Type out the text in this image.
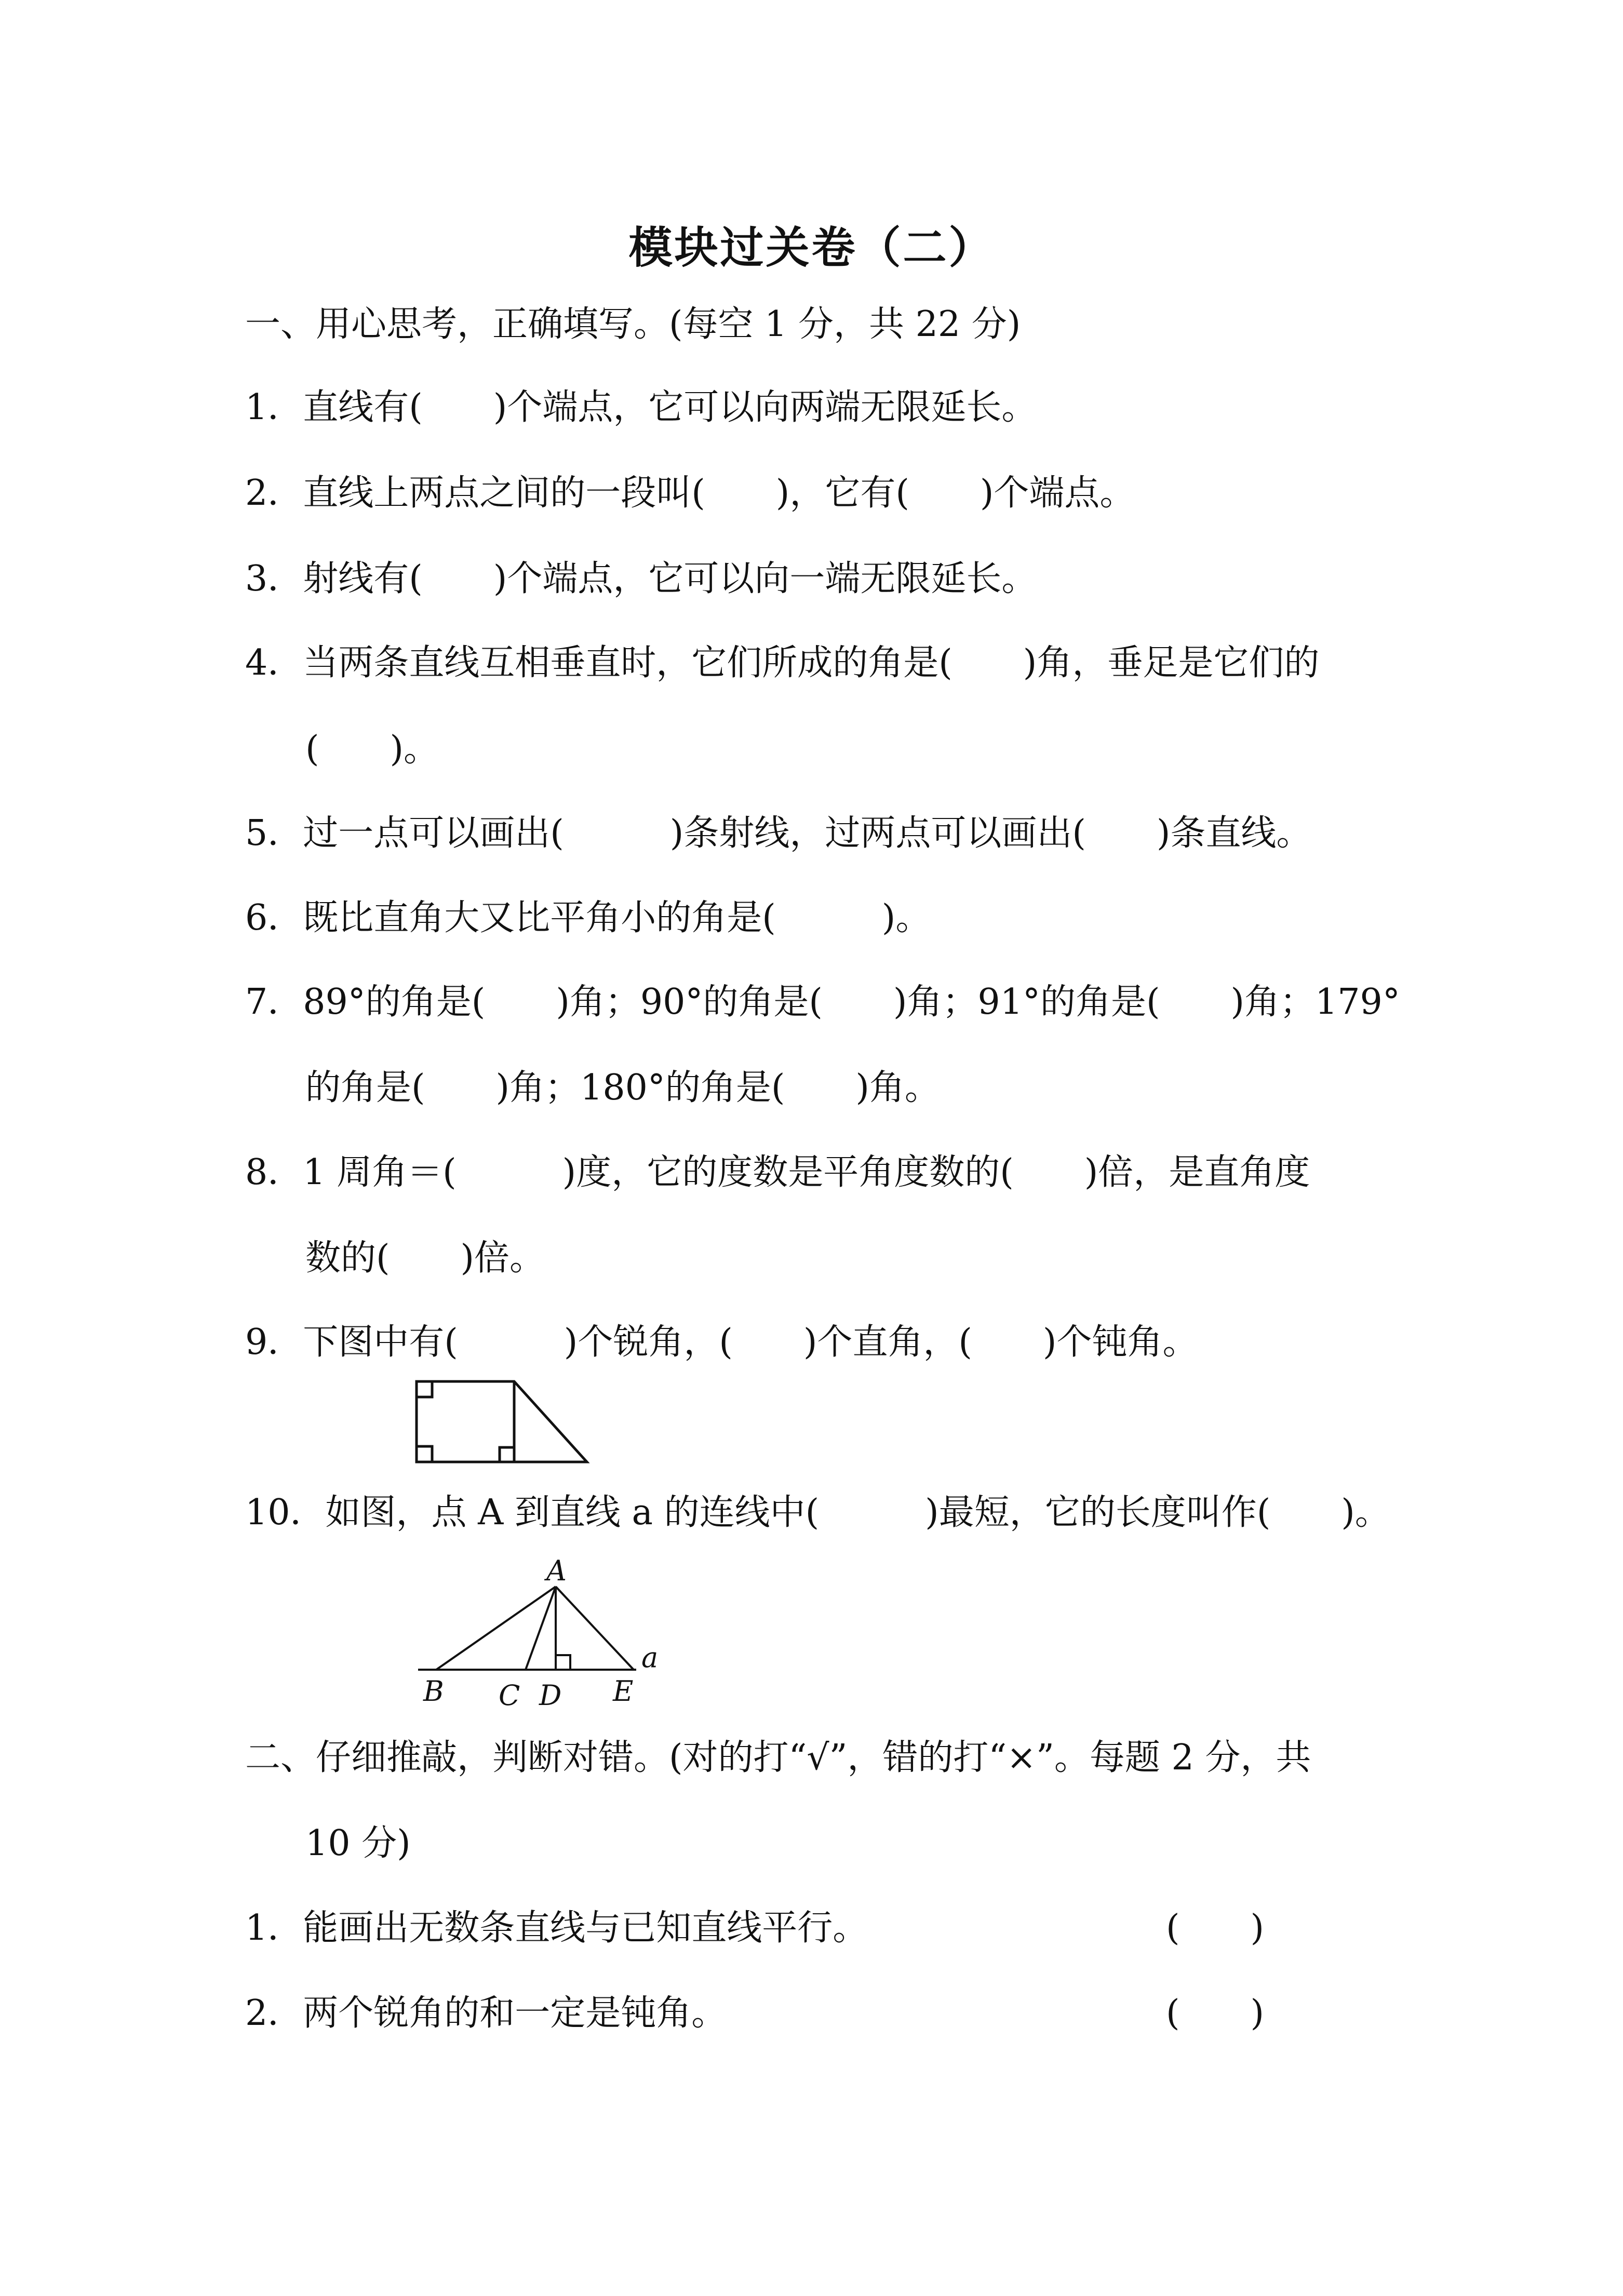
模块过关卷（二）
一、用心思考，正确填写。(每空 1 分，共 22 分)
1．直线有(　　)个端点，它可以向两端无限延长。
2．直线上两点之间的一段叫(　　)，它有(　　)个端点。
3．射线有(　　)个端点，它可以向一端无限延长。
4．当两条直线互相垂直时，它们所成的角是(　　)角，垂足是它们的
(　　)。
5．过一点可以画出(　　　)条射线，过两点可以画出(　　)条直线。
6．既比直角大又比平角小的角是(　　　)。
7．89°的角是(　　)角；90°的角是(　　)角；91°的角是(　　)角；179°
的角是(　　)角；180°的角是(　　)角。
8．1 周角＝(　　　)度，它的度数是平角度数的(　　)倍，是直角度
数的(　　)倍。
9．下图中有(　　　)个锐角，(　　)个直角，(　　)个钝角。
10．如图，点 A 到直线 a 的连线中(　　　)最短，它的长度叫作(　　)。
A
B C D E
a
二、仔细推敲，判断对错。(对的打“√”，错的打“×”。每题 2 分，共
10 分)
1．能画出无数条直线与已知直线平行。	(　　)
2．两个锐角的和一定是钝角。	(　　)
